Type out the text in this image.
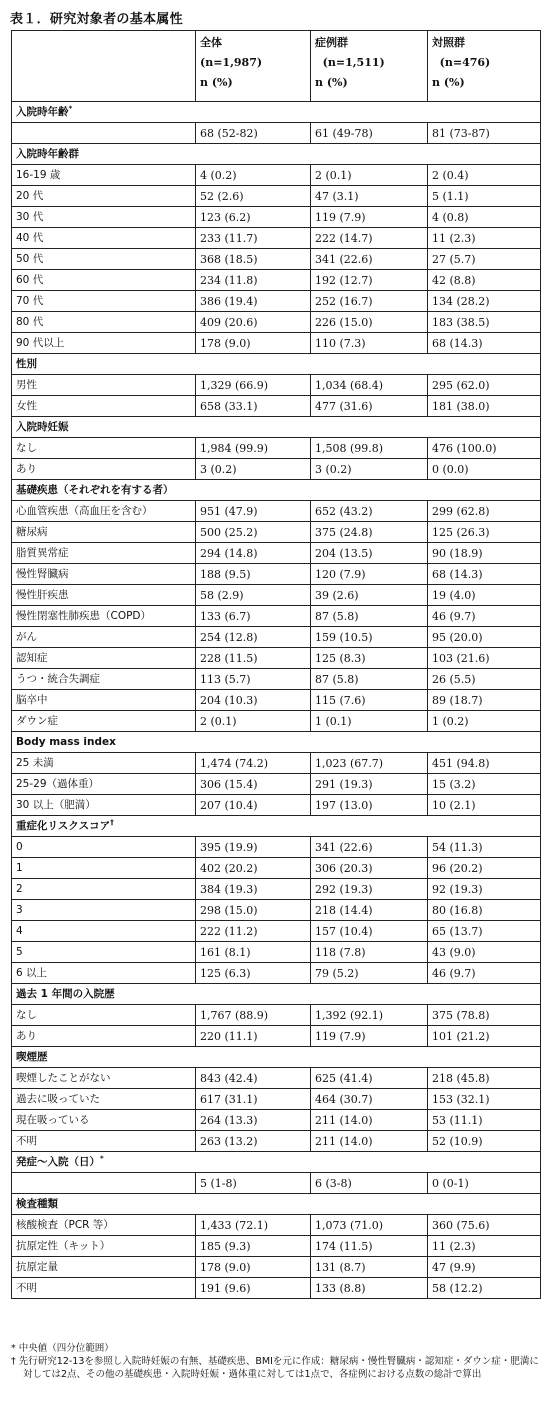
表１．研究対象者の基本属性

	全体
(n=1,987)
n (%)	症例群
(n=1,511)
n (%)	対照群
(n=476)
n (%)

入院時年齢*
	68 (52-82)	61 (49-78)	81 (73-87)
入院時年齢群			
16-19 歳	4 (0.2)	2 (0.1)	2 (0.4)
20 代	52 (2.6)	47 (3.1)	5 (1.1)
30 代	123 (6.2)	119 (7.9)	4 (0.8)
40 代	233 (11.7)	222 (14.7)	11 (2.3)
50 代	368 (18.5)	341 (22.6)	27 (5.7)
60 代	234 (11.8)	192 (12.7)	42 (8.8)
70 代	386 (19.4)	252 (16.7)	134 (28.2)
80 代	409 (20.6)	226 (15.0)	183 (38.5)
90 代以上	178 (9.0)	110 (7.3)	68 (14.3)
性別			
男性	1,329 (66.9)	1,034 (68.4)	295 (62.0)
女性	658 (33.1)	477 (31.6)	181 (38.0)
入院時妊娠			
なし	1,984 (99.9)	1,508 (99.8)	476 (100.0)
あり	3 (0.2)	3 (0.2)	0 (0.0)
基礎疾患（それぞれを有する者）			
心血管疾患（高血圧を含む）	951 (47.9)	652 (43.2)	299 (62.8)
糖尿病	500 (25.2)	375 (24.8)	125 (26.3)
脂質異常症	294 (14.8)	204 (13.5)	90 (18.9)
慢性腎臓病	188 (9.5)	120 (7.9)	68 (14.3)
慢性肝疾患	58 (2.9)	39 (2.6)	19 (4.0)
慢性閉塞性肺疾患（COPD）	133 (6.7)	87 (5.8)	46 (9.7)
がん	254 (12.8)	159 (10.5)	95 (20.0)
認知症	228 (11.5)	125 (8.3)	103 (21.6)
うつ・統合失調症	113 (5.7)	87 (5.8)	26 (5.5)
脳卒中	204 (10.3)	115 (7.6)	89 (18.7)
ダウン症	2 (0.1)	1 (0.1)	1 (0.2)
Body mass index			
25 未満	1,474 (74.2)	1,023 (67.7)	451 (94.8)
25-29（過体重）	306 (15.4)	291 (19.3)	15 (3.2)
30 以上（肥満）	207 (10.4)	197 (13.0)	10 (2.1)
重症化リスクスコア†
0	395 (19.9)	341 (22.6)	54 (11.3)
1	402 (20.2)	306 (20.3)	96 (20.2)
2	384 (19.3)	292 (19.3)	92 (19.3)
3	298 (15.0)	218 (14.4)	80 (16.8)
4	222 (11.2)	157 (10.4)	65 (13.7)
5	161 (8.1)	118 (7.8)	43 (9.0)
6 以上	125 (6.3)	79 (5.2)	46 (9.7)
過去 1 年間の入院歴			
なし	1,767 (88.9)	1,392 (92.1)	375 (78.8)
あり	220 (11.1)	119 (7.9)	101 (21.2)
喫煙歴			
喫煙したことがない	843 (42.4)	625 (41.4)	218 (45.8)
過去に吸っていた	617 (31.1)	464 (30.7)	153 (32.1)
現在吸っている	264 (13.3)	211 (14.0)	53 (11.1)
不明	263 (13.2)	211 (14.0)	52 (10.9)
発症～入院（日）*
	5 (1-8)	6 (3-8)	0 (0-1)
検査種類			
核酸検査（PCR 等）	1,433 (72.1)	1,073 (71.0)	360 (75.6)
抗原定性（キット）	185 (9.3)	174 (11.5)	11 (2.3)
抗原定量	178 (9.0)	131 (8.7)	47 (9.9)
不明	191 (9.6)	133 (8.8)	58 (12.2)
* 中央値（四分位範囲）
† 先行研究12-13を参照し入院時妊娠の有無、基礎疾患、BMIを元に作成：糖尿病・慢性腎臓病・認知症・ダウン症・肥満に対しては2点、その他の基礎疾患・入院時妊娠・過体重に対しては1点で、各症例における点数の総計で算出
